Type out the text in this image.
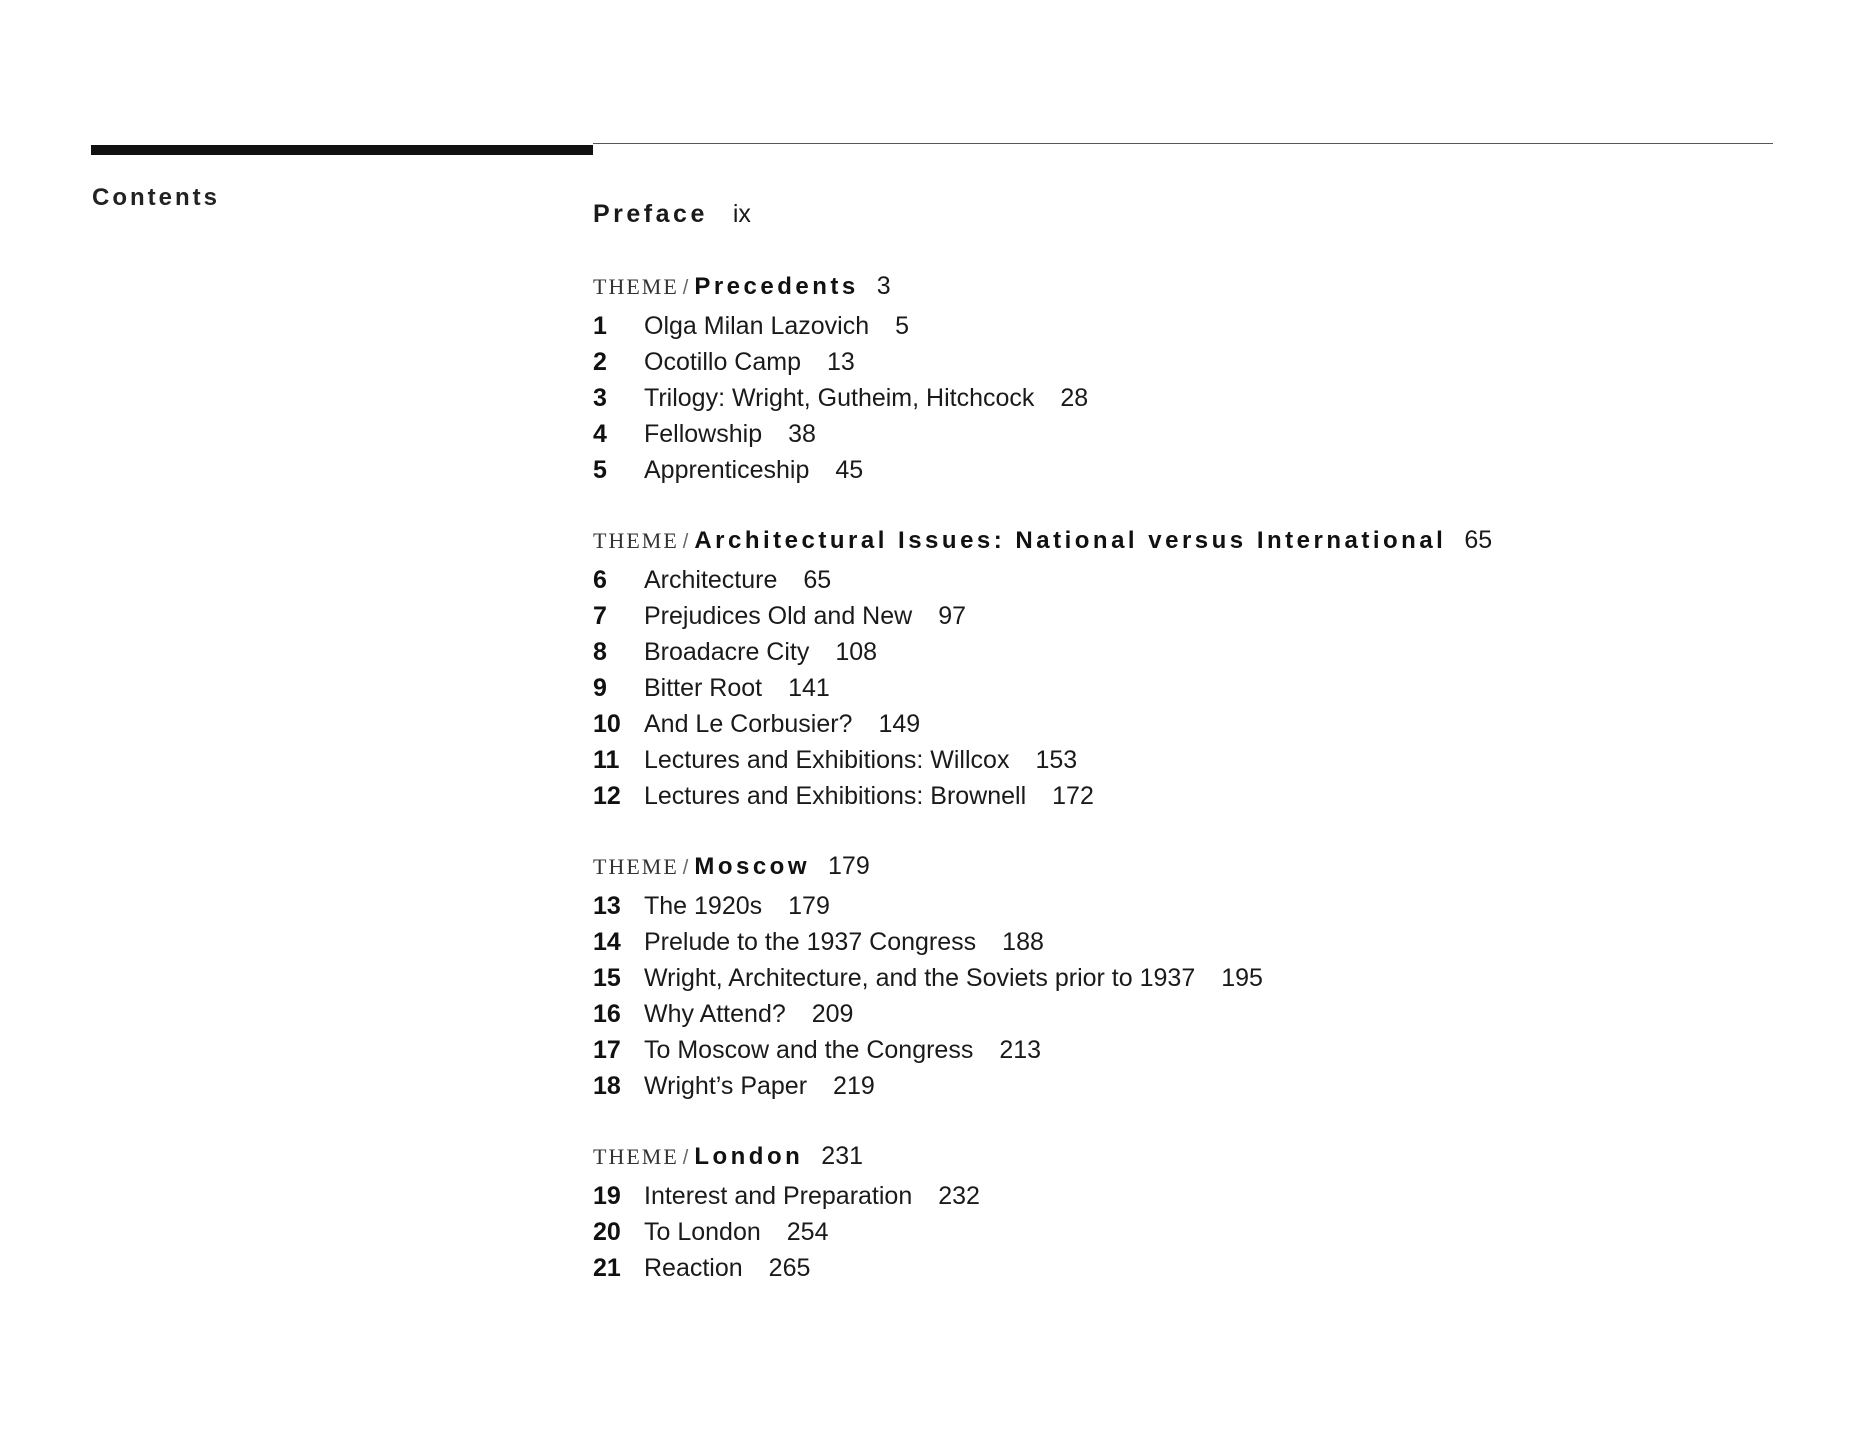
Contents
Preface ix
THEME / Precedents 3
1	Olga Milan Lazovich 5
2	Ocotillo Camp 13
3	Trilogy: Wright, Gutheim, Hitchcock 28
4	Fellowship 38
5	Apprenticeship 45
THEME / Architectural Issues: National versus International 65
6	Architecture 65
7	Prejudices Old and New 97
8	Broadacre City 108
9	Bitter Root 141
10 And Le Corbusier? 149
11 Lectures and Exhibitions: Willcox 153
12 Lectures and Exhibitions: Brownell 172
THEME / Moscow 179
13 The 1920s 179
14 Prelude to the 1937 Congress 188
15 Wright, Architecture, and the Soviets prior to 1937 195
16 Why Attend? 209
17 To Moscow and the Congress 213
18 Wright’s Paper 219
THEME / London 231
19 Interest and Preparation 232
20 To London 254
21 Reaction 265
